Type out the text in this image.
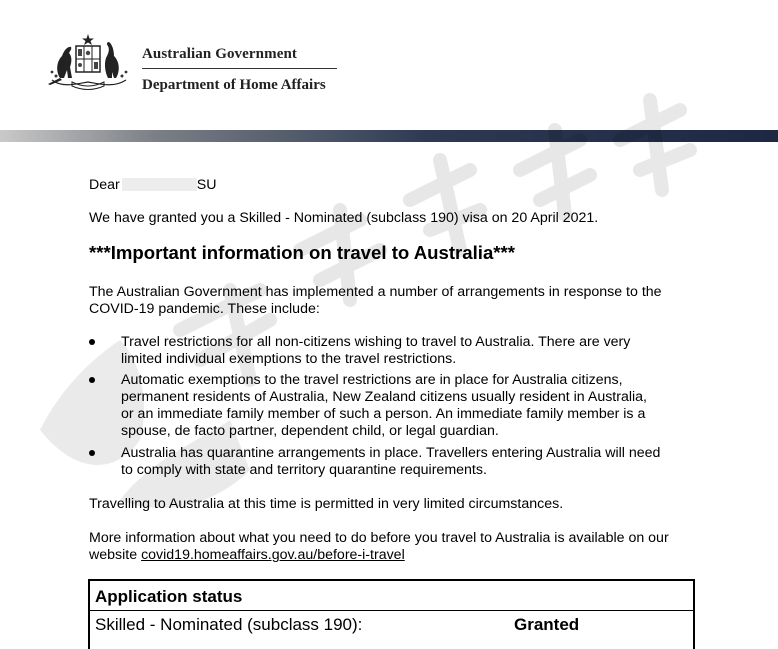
Australian Government
Department of Home Affairs
Dear	SU
We have granted you a Skilled - Nominated (subclass 190) visa on 20 April 2021.
***Important information on travel to Australia***
The Australian Government has implemented a number of arrangements in response to the
COVID-19 pandemic. These include:
Travel restrictions for all non-citizens wishing to travel to Australia. There are very
limited individual exemptions to the travel restrictions.
Automatic exemptions to the travel restrictions are in place for Australia citizens,
permanent residents of Australia, New Zealand citizens usually resident in Australia,
or an immediate family member of such a person. An immediate family member is a
spouse, de facto partner, dependent child, or legal guardian.
Australia has quarantine arrangements in place. Travellers entering Australia will need
to comply with state and territory quarantine requirements.
Travelling to Australia at this time is permitted in very limited circumstances.
More information about what you need to do before you travel to Australia is available on our
website covid19.homeaffairs.gov.au/before-i-travel
Application status
Skilled - Nominated (subclass 190):	Granted
